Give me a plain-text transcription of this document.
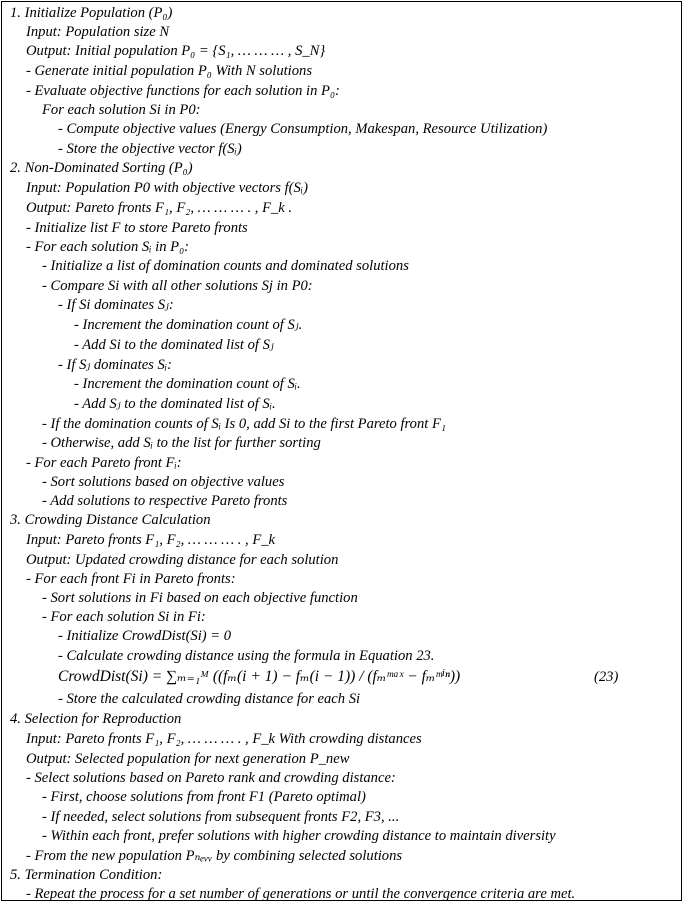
1. Initialize Population (P₀)
Input: Population size N
Output: Initial population P₀ = {S₁, … … … , S_N}
- Generate initial population P₀ With N solutions
- Evaluate objective functions for each solution in P₀:
For each solution Si in P0:
- Compute objective values (Energy Consumption, Makespan, Resource Utilization)
- Store the objective vector f(Sᵢ)
2. Non-Dominated Sorting (P₀)
Input: Population P0 with objective vectors f(Sᵢ)
Output: Pareto fronts F₁, F₂, … … … . , F_k .
- Initialize list F to store Pareto fronts
- For each solution Sᵢ in P₀:
- Initialize a list of domination counts and dominated solutions
- Compare Si with all other solutions Sj in P0:
- If Si dominates Sⱼ:
- Increment the domination count of Sⱼ.
- Add Si to the dominated list of Sⱼ
- If Sⱼ dominates Sᵢ:
- Increment the domination count of Sᵢ.
- Add Sⱼ to the dominated list of Sᵢ.
- If the domination counts of Sᵢ Is 0, add Si to the first Pareto front F₁
- Otherwise, add Sᵢ to the list for further sorting
- For each Pareto front Fᵢ:
- Sort solutions based on objective values
- Add solutions to respective Pareto fronts
3. Crowding Distance Calculation
Input: Pareto fronts F₁, F₂, … … … . , F_k
Output: Updated crowding distance for each solution
- For each front Fi in Pareto fronts:
- Sort solutions in Fi based on each objective function
- For each solution Si in Fi:
- Initialize CrowdDist(Si) = 0
- Calculate crowding distance using the formula in Equation 23.
CrowdDist(Si) = ∑ₘ₌₁ᴹ ((fₘ(i + 1) − fₘ(i − 1)) / (fₘᵐᵃˣ − fₘᵐⁱⁿ))	(23)
- Store the calculated crowding distance for each Si
4. Selection for Reproduction
Input: Pareto fronts F₁, F₂, … … … . , F_k With crowding distances
Output: Selected population for next generation P_new
- Select solutions based on Pareto rank and crowding distance:
- First, choose solutions from front F1 (Pareto optimal)
- If needed, select solutions from subsequent fronts F2, F3, ...
- Within each front, prefer solutions with higher crowding distance to maintain diversity
- From the new population Pₙₑᵥᵥ by combining selected solutions
5. Termination Condition:
- Repeat the process for a set number of generations or until the convergence criteria are met.
